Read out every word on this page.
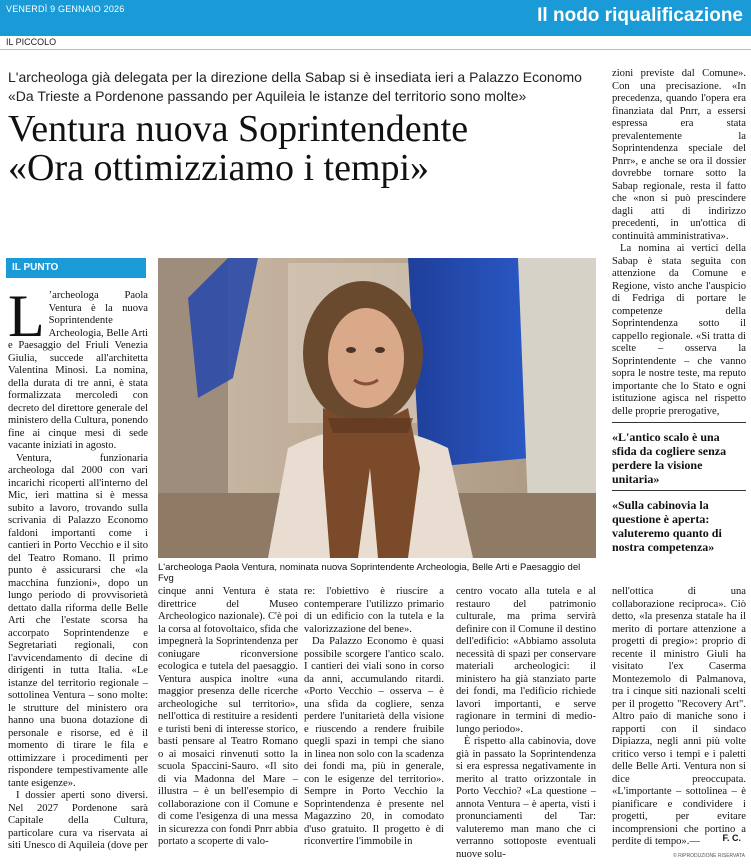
VENERDÌ 9 GENNAIO 2026	Il nodo riqualificazione
IL PICCOLO
L'archeologa già delegata per la direzione della Sabap si è insediata ieri a Palazzo Economo
«Da Trieste a Pordenone passando per Aquileia le istanze del territorio sono molte»
Ventura nuova Soprintendente
«Ora ottimizziamo i tempi»
IL PUNTO

L ’archeologa Paola Ventura è la nuova Soprintendente Archeologia, Belle Arti e Paesaggio del Friuli Venezia Giulia, succede all'architetta Valentina Minosi. La nomina, della durata di tre anni, è stata formalizzata mercoledì con decreto del direttore generale del ministero della Cultura, ponendo fine ai cinque mesi di sede vacante iniziati in agosto.

Ventura, funzionaria archeologa dal 2000 con vari incarichi ricoperti all'interno del Mic, ieri mattina si è messa subito a lavoro, trovando sulla scrivania di Palazzo Economo faldoni importanti come i cantieri in Porto Vecchio e il sito del Teatro Romano. Il primo punto è assicurarsi che «la macchina funzioni», dopo un lungo periodo di provvisorietà dettato dalla riforma delle Belle Arti che l'estate scorsa ha accorpato Soprintendenze e Segretariati regionali, con l'avvicendamento di decine di dirigenti in tutta Italia. «Le istanze del territorio regionale – sottolinea Ventura – sono molte: le strutture del ministero ora hanno una buona dotazione di personale e risorse, ed è il momento di tirare le fila e ottimizzare i procedimenti per rispondere tempestivamente alle tante esigenze».

I dossier aperti sono diversi. Nel 2027 Pordenone sarà Capitale della Cultura, particolare cura va riservata ai siti Unesco di Aquileia (dove per

L'archeologa Paola Ventura, nominata nuova Soprintendente Archeologia, Belle Arti e Paesaggio del Fvg

cinque anni Ventura è stata direttrice del Museo Archeologico nazionale). C'è poi la corsa al fotovoltaico, sfida che impegnerà la Soprintendenza per coniugare riconversione ecologica e tutela del paesaggio. Ventura auspica inoltre «una maggior presenza delle ricerche archeologiche sul territorio», nell'ottica di restituire a residenti e turisti beni di interesse storico, basti pensare al Teatro Romano o ai mosaici rinvenuti sotto la scuola Spaccini-Sauro. «Il sito di via Madonna del Mare – illustra – è un bell'esempio di collaborazione con il Comune e di come l'esigenza di una messa in sicurezza con fondi Pnrr abbia portato a scoperte di valo-

re: l'obiettivo è riuscire a contemperare l'utilizzo primario di un edificio con la tutela e la valorizzazione del bene».

Da Palazzo Economo è quasi possibile scorgere l'antico scalo. I cantieri dei viali sono in corso da anni, accumulando ritardi. «Porto Vecchio – osserva – è una sfida da cogliere, senza perdere l'unitarietà della visione e riuscendo a rendere fruibile quegli spazi in tempi che siano in linea non solo con la scadenza dei fondi ma, più in generale, con le esigenze del territorio». Sempre in Porto Vecchio la Soprintendenza è presente nel Magazzino 20, in comodato d'uso gratuito. Il progetto è di riconvertire l'immobile in

centro vocato alla tutela e al restauro del patrimonio culturale, ma prima servirà definire con il Comune il destino dell'edificio: «Abbiamo assoluta necessità di spazi per conservare materiali archeologici: il ministero ha già stanziato parte dei fondi, ma l'edificio richiede lavori importanti, e serve ragionare in termini di medio-lungo periodo».

È rispetto alla cabinovia, dove già in passato la Soprintendenza si era espressa negativamente in merito al tratto orizzontale in Porto Vecchio? «La questione – annota Ventura – è aperta, visti i pronunciamenti del Tar: valuteremo man mano che ci verranno sottoposte eventuali nuove solu-

zioni previste dal Comune». Con una precisazione. «In precedenza, quando l'opera era finanziata dal Pnrr, a essersi espressa era stata prevalentemente la Soprintendenza speciale del Pnrr», e anche se ora il dossier dovrebbe tornare sotto la Sabap regionale, resta il fatto che «non si può prescindere dagli atti di indirizzo precedenti, in un'ottica di continuità amministrativa».

La nomina ai vertici della Sabap è stata seguita con attenzione da Comune e Regione, visto anche l'auspicio di Fedriga di portare le competenze della Soprintendenza sotto il cappello regionale. «Si tratta di scelte – osserva la Soprintendente – che vanno sopra le nostre teste, ma reputo importante che lo Stato e ogni istituzione agisca nel rispetto delle proprie prerogative,

«L'antico scalo è una sfida da cogliere senza perdere la visione unitaria»
«Sulla cabinovia la questione è aperta: valuteremo quanto di nostra competenza»

nell'ottica di una collaborazione reciproca». Ciò detto, «la presenza statale ha il merito di portare attenzione a progetti di pregio»: proprio di recente il ministro Giuli ha visitato l'ex Caserma Montezemolo di Palmanova, tra i cinque siti nazionali scelti per il progetto "Recovery Art". Altro paio di maniche sono i rapporti con il sindaco Dipiazza, negli anni più volte critico verso i tempi e i paletti delle Belle Arti. Ventura non si dice preoccupata. «L'importante – sottolinea – è pianificare e condividere i progetti, per evitare incomprensioni che portino a perdite di tempo».—	F. C.
© RIPRODUZIONE RISERVATA
